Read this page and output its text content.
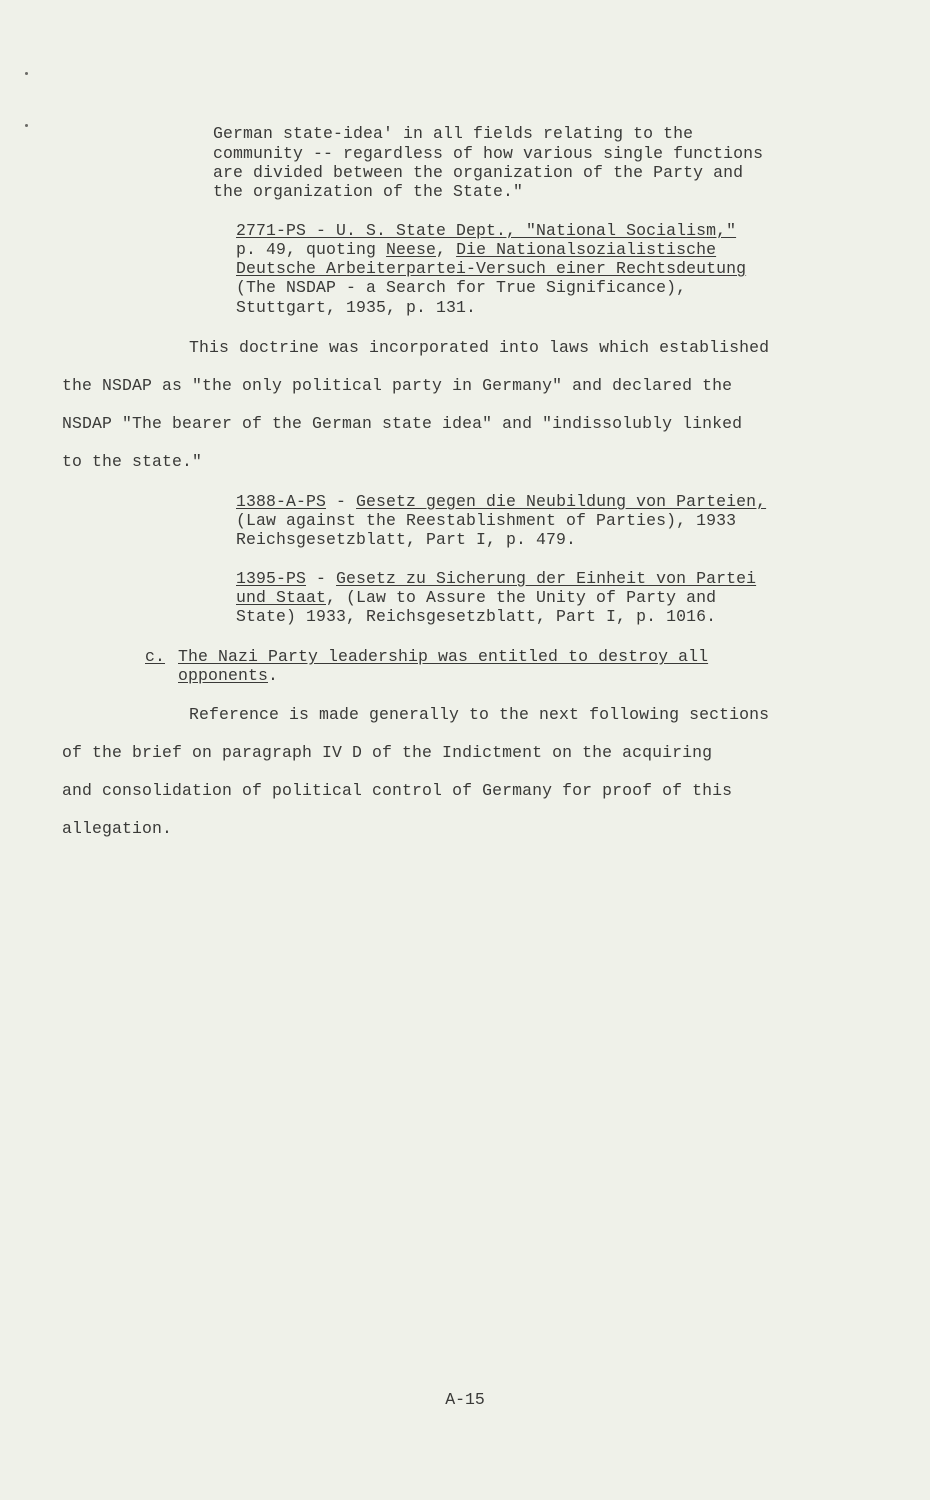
German state-idea' in all fields relating to the
community -- regardless of how various single functions
are divided between the organization of the Party and
the organization of the State."
2771-PS - U. S. State Dept., "National Socialism,"
p. 49, quoting Neese, Die Nationalsozialistische
Deutsche Arbeiterpartei-Versuch einer Rechtsdeutung
(The NSDAP - a Search for True Significance),
Stuttgart, 1935, p. 131.
This doctrine was incorporated into laws which established
the NSDAP as "the only political party in Germany" and declared the
NSDAP "The bearer of the German state idea" and "indissolubly linked
to the state."
1388-A-PS - Gesetz gegen die Neubildung von Parteien,
(Law against the Reestablishment of Parties), 1933
Reichsgesetzblatt, Part I, p. 479.
1395-PS - Gesetz zu Sicherung der Einheit von Partei
und Staat, (Law to Assure the Unity of Party and
State) 1933, Reichsgesetzblatt, Part I, p. 1016.
c. The Nazi Party leadership was entitled to destroy all
opponents.
Reference is made generally to the next following sections
of the brief on paragraph IV D of the Indictment on the acquiring
and consolidation of political control of Germany for proof of this
allegation.
A-15
